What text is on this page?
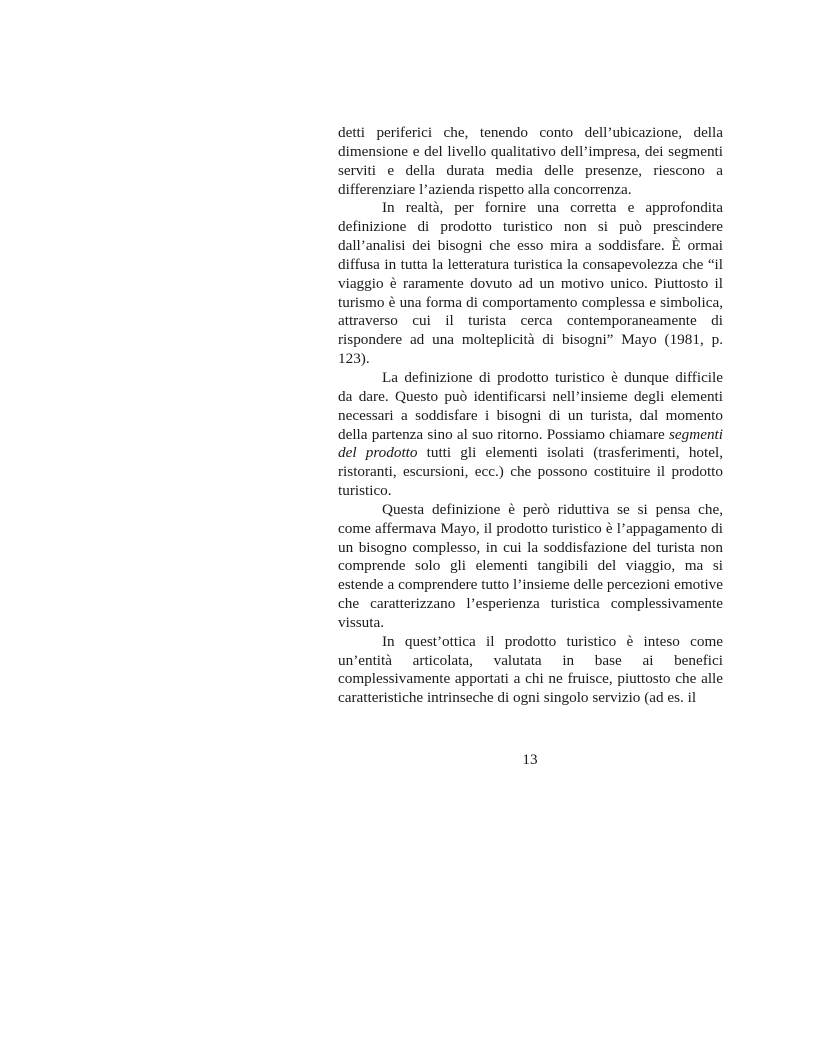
detti periferici che, tenendo conto dell’ubicazione, della dimensione e del livello qualitativo dell’impresa, dei segmenti serviti e della durata media delle presenze, riescono a differenziare l’azienda rispetto alla concorrenza.

In realtà, per fornire una corretta e approfondita definizione di prodotto turistico non si può prescindere dall’analisi dei bisogni che esso mira a soddisfare. È ormai diffusa in tutta la letteratura turistica la consapevolezza che “il viaggio è raramente dovuto ad un motivo unico. Piuttosto il turismo è una forma di comportamento complessa e simbolica, attraverso cui il turista cerca contemporaneamente di rispondere ad una molteplicità di bisogni” Mayo (1981, p. 123).

La definizione di prodotto turistico è dunque difficile da dare. Questo può identificarsi nell’insieme degli elementi necessari a soddisfare i bisogni di un turista, dal momento della partenza sino al suo ritorno. Possiamo chiamare segmenti del prodotto tutti gli elementi isolati (trasferimenti, hotel, ristoranti, escursioni, ecc.) che possono costituire il prodotto turistico.

Questa definizione è però riduttiva se si pensa che, come affermava Mayo, il prodotto turistico è l’appagamento di un bisogno complesso, in cui la soddisfazione del turista non comprende solo gli elementi tangibili del viaggio, ma si estende a comprendere tutto l’insieme delle percezioni emotive che caratterizzano l’esperienza turistica complessivamente vissuta.

In quest’ottica il prodotto turistico è inteso come un’entità articolata, valutata in base ai benefici complessivamente apportati a chi ne fruisce, piuttosto che alle caratteristiche intrinseche di ogni singolo servizio (ad es. il

13
